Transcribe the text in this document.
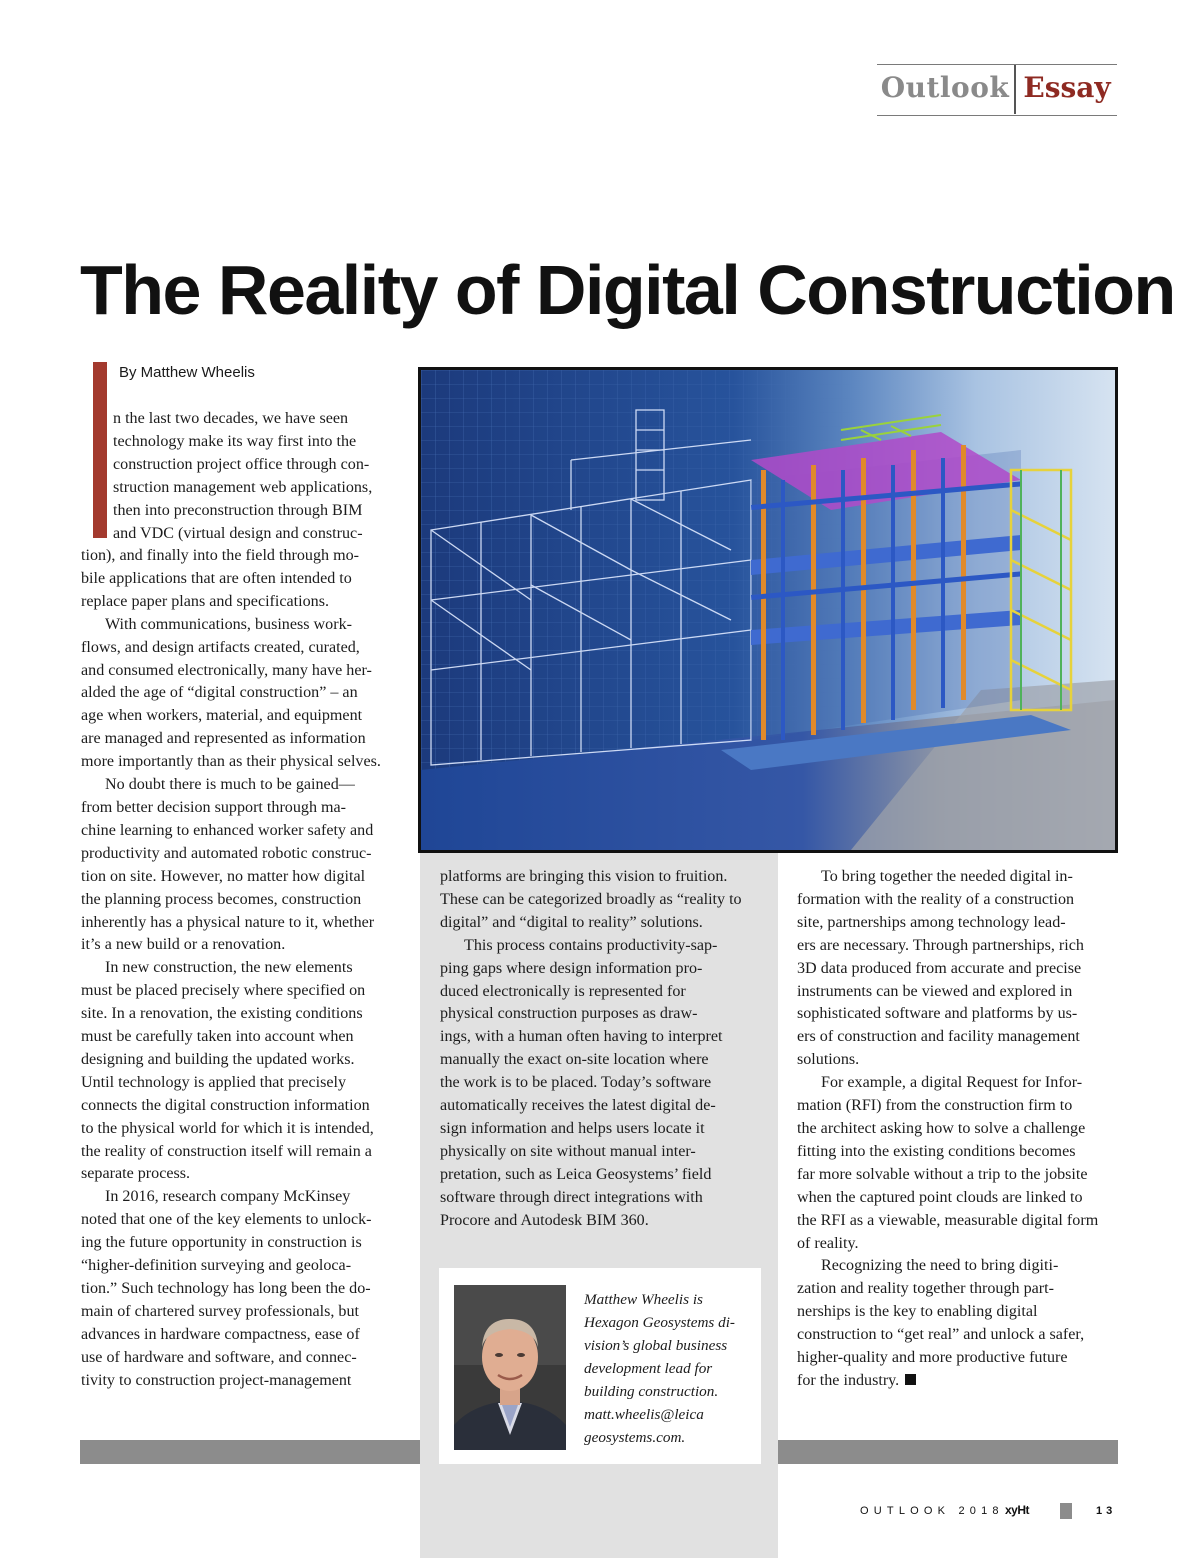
Outlook Essay
The Reality of Digital Construction
By Matthew Wheelis

n the last two decades, we have seen

technology make its way first into the

construction project office through con-

struction management web applications,

then into preconstruction through BIM

and VDC (virtual design and construc-

tion), and finally into the field through mo-

bile applications that are often intended to

replace paper plans and specifications.

With communications, business work-

flows, and design artifacts created, curated,

and consumed electronically, many have her-

alded the age of “digital construction” – an

age when workers, material, and equipment

are managed and represented as information

more importantly than as their physical selves.

No doubt there is much to be gained—

from better decision support through ma-

chine learning to enhanced worker safety and

productivity and automated robotic construc-

tion on site. However, no matter how digital

the planning process becomes, construction

inherently has a physical nature to it, whether

it’s a new build or a renovation.

In new construction, the new elements

must be placed precisely where specified on

site. In a renovation, the existing conditions

must be carefully taken into account when

designing and building the updated works.

Until technology is applied that precisely

connects the digital construction information

to the physical world for which it is intended,

the reality of construction itself will remain a

separate process.

In 2016, research company McKinsey

noted that one of the key elements to unlock-

ing the future opportunity in construction is

“higher-definition surveying and geoloca-

tion.” Such technology has long been the do-

main of chartered survey professionals, but

advances in hardware compactness, ease of

use of hardware and software, and connec-

tivity to construction project-management

platforms are bringing this vision to fruition.

These can be categorized broadly as “reality to

digital” and “digital to reality” solutions.

This process contains productivity-sap-

ping gaps where design information pro-

duced electronically is represented for

physical construction purposes as draw-

ings, with a human often having to interpret

manually the exact on-site location where

the work is to be placed. Today’s software

automatically receives the latest digital de-

sign information and helps users locate it

physically on site without manual inter-

pretation, such as Leica Geosystems’ field

software through direct integrations with

Procore and Autodesk BIM 360.

To bring together the needed digital in-

formation with the reality of a construction

site, partnerships among technology lead-

ers are necessary. Through partnerships, rich

3D data produced from accurate and precise

instruments can be viewed and explored in

sophisticated software and platforms by us-

ers of construction and facility management

solutions.

For example, a digital Request for Infor-

mation (RFI) from the construction firm to

the architect asking how to solve a challenge

fitting into the existing conditions becomes

far more solvable without a trip to the jobsite

when the captured point clouds are linked to

the RFI as a viewable, measurable digital form

of reality.

Recognizing the need to bring digiti-

zation and reality together through part-

nerships is the key to enabling digital

construction to “get real” and unlock a safer,

higher-quality and more productive future

for the industry.

Matthew Wheelis is

Hexagon Geosystems di-

vision’s global business

development lead for

building construction.

matt.wheelis@leica

geosystems.com.

OUTLOOK 2018 xyHt	13
